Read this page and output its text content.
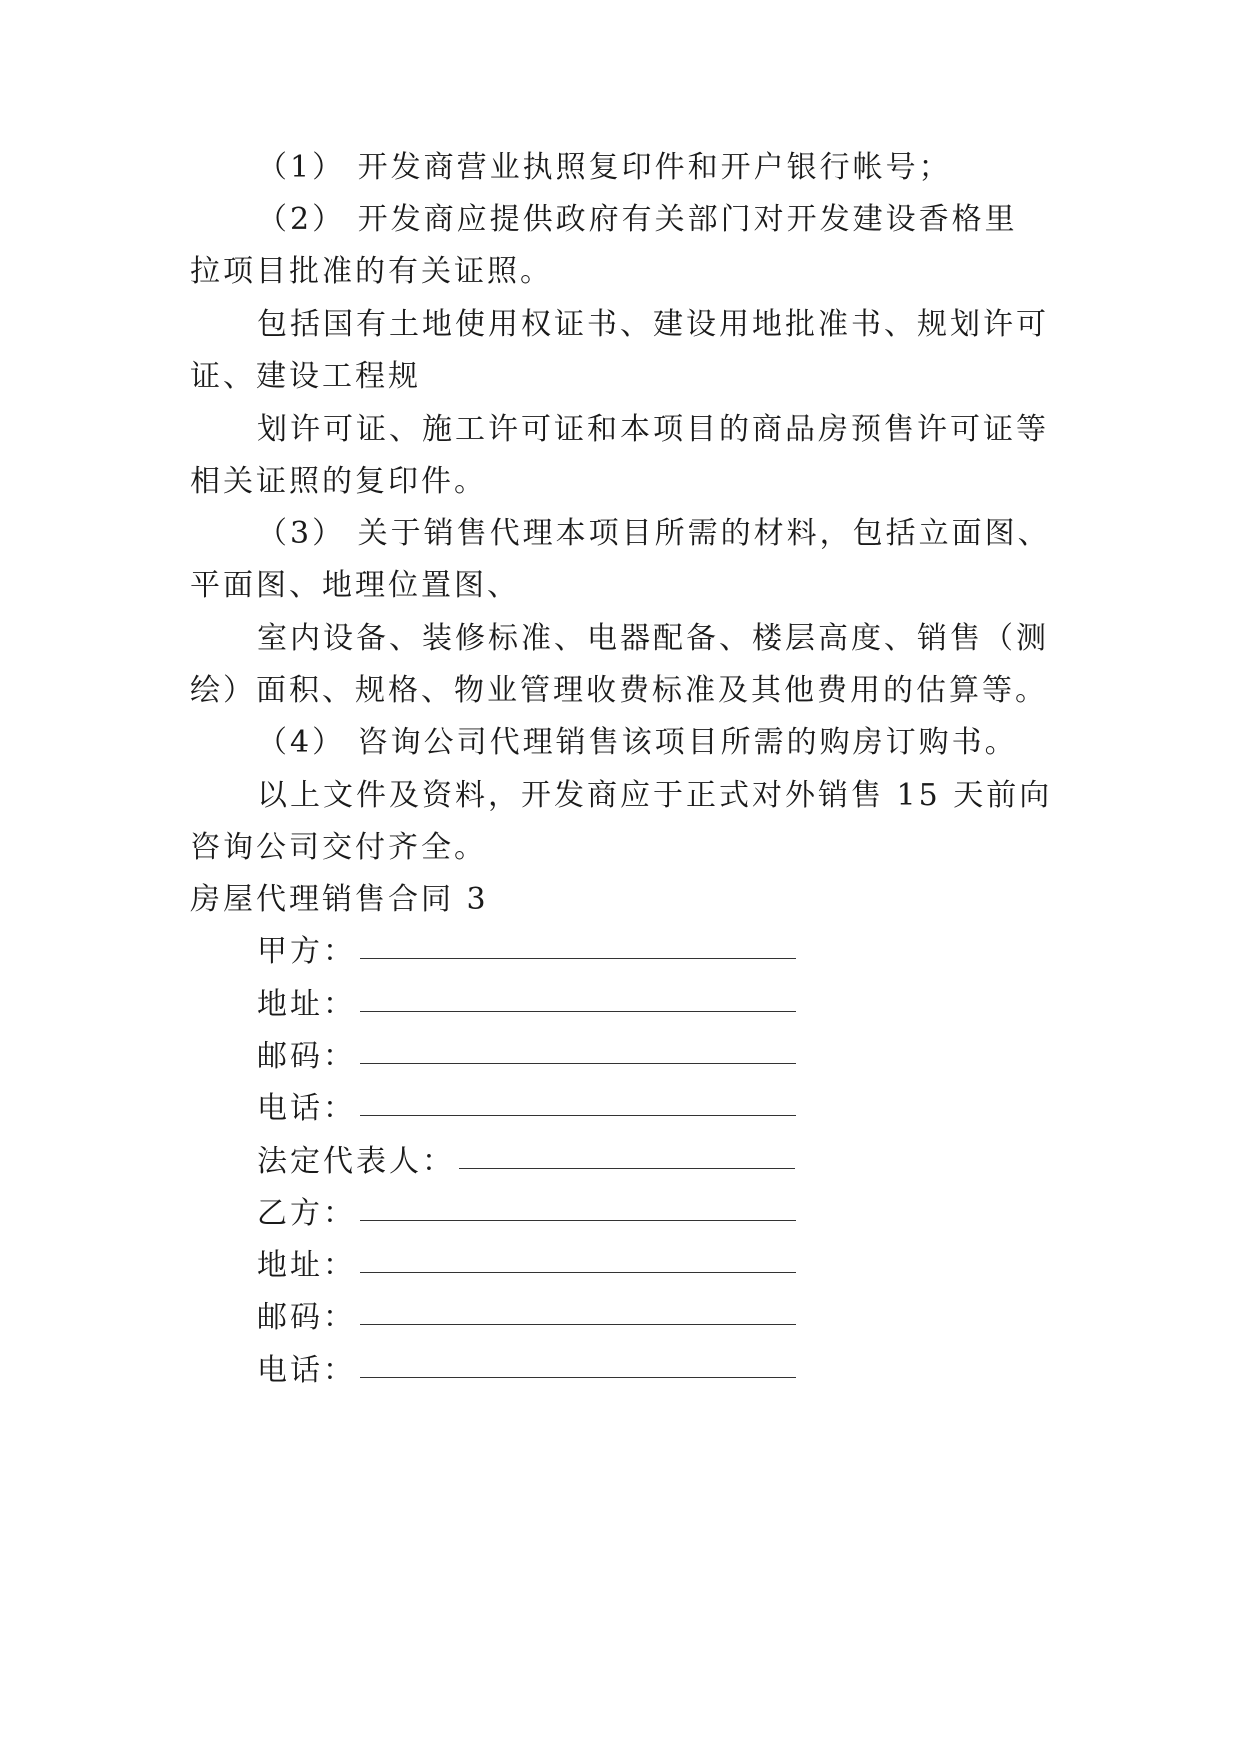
（1） 开发商营业执照复印件和开户银行帐号；
（2） 开发商应提供政府有关部门对开发建设香格里
拉项目批准的有关证照。
包括国有土地使用权证书、建设用地批准书、规划许可
证、建设工程规
划许可证、施工许可证和本项目的商品房预售许可证等
相关证照的复印件。
（3） 关于销售代理本项目所需的材料，包括立面图、
平面图、地理位置图、
室内设备、装修标准、电器配备、楼层高度、销售（测
绘）面积、规格、物业管理收费标准及其他费用的估算等。
（4） 咨询公司代理销售该项目所需的购房订购书。
以上文件及资料，开发商应于正式对外销售 15 天前向
咨询公司交付齐全。
房屋代理销售合同 3
甲方：
地址：
邮码：
电话：
法定代表人：
乙方：
地址：
邮码：
电话：
